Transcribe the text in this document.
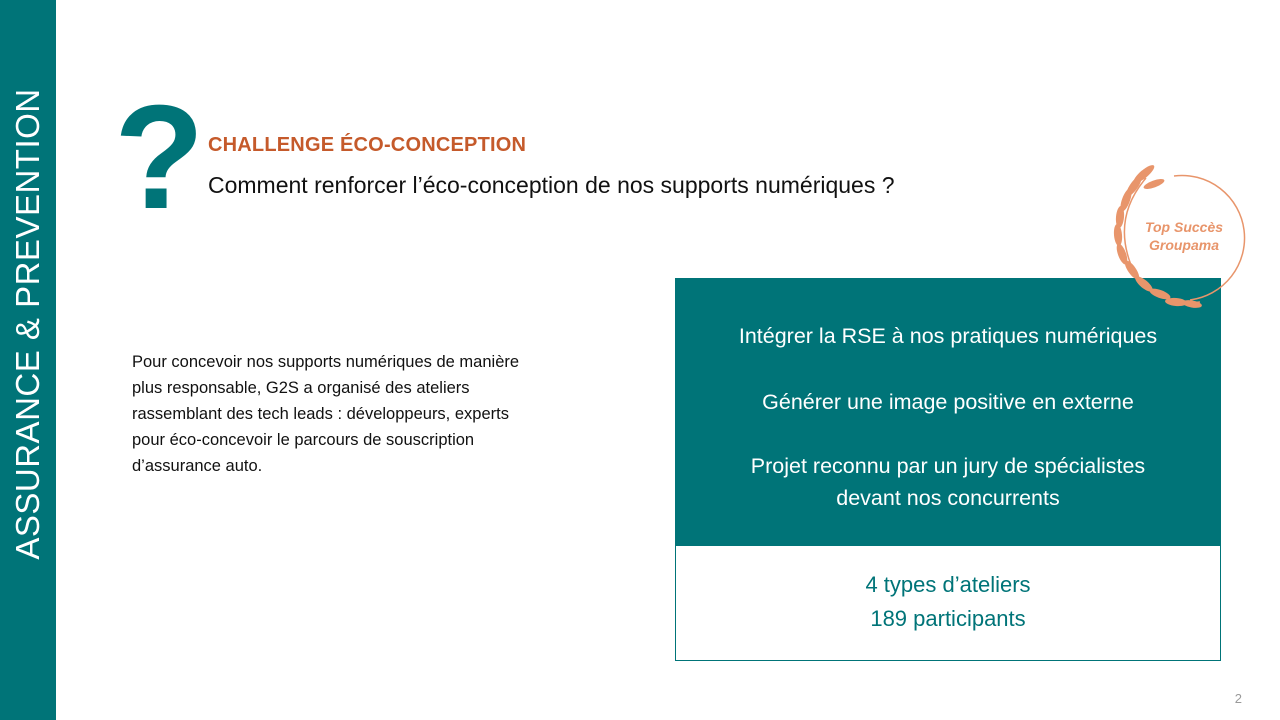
ASSURANCE & PREVENTION ? CHALLENGE ÉCO-CONCEPTION
Comment renforcer l’éco-conception de nos supports numériques ?
Pour concevoir nos supports numériques de manière
plus responsable, G2S a organisé des ateliers
rassemblant des tech leads : développeurs, experts
pour éco-concevoir le parcours de souscription
d’assurance auto.
Intégrer la RSE à nos pratiques numériques
Générer une image positive en externe
Projet reconnu par un jury de spécialistes
devant nos concurrents
4 types d’ateliers
189 participants
Top Succès
Groupama
2
